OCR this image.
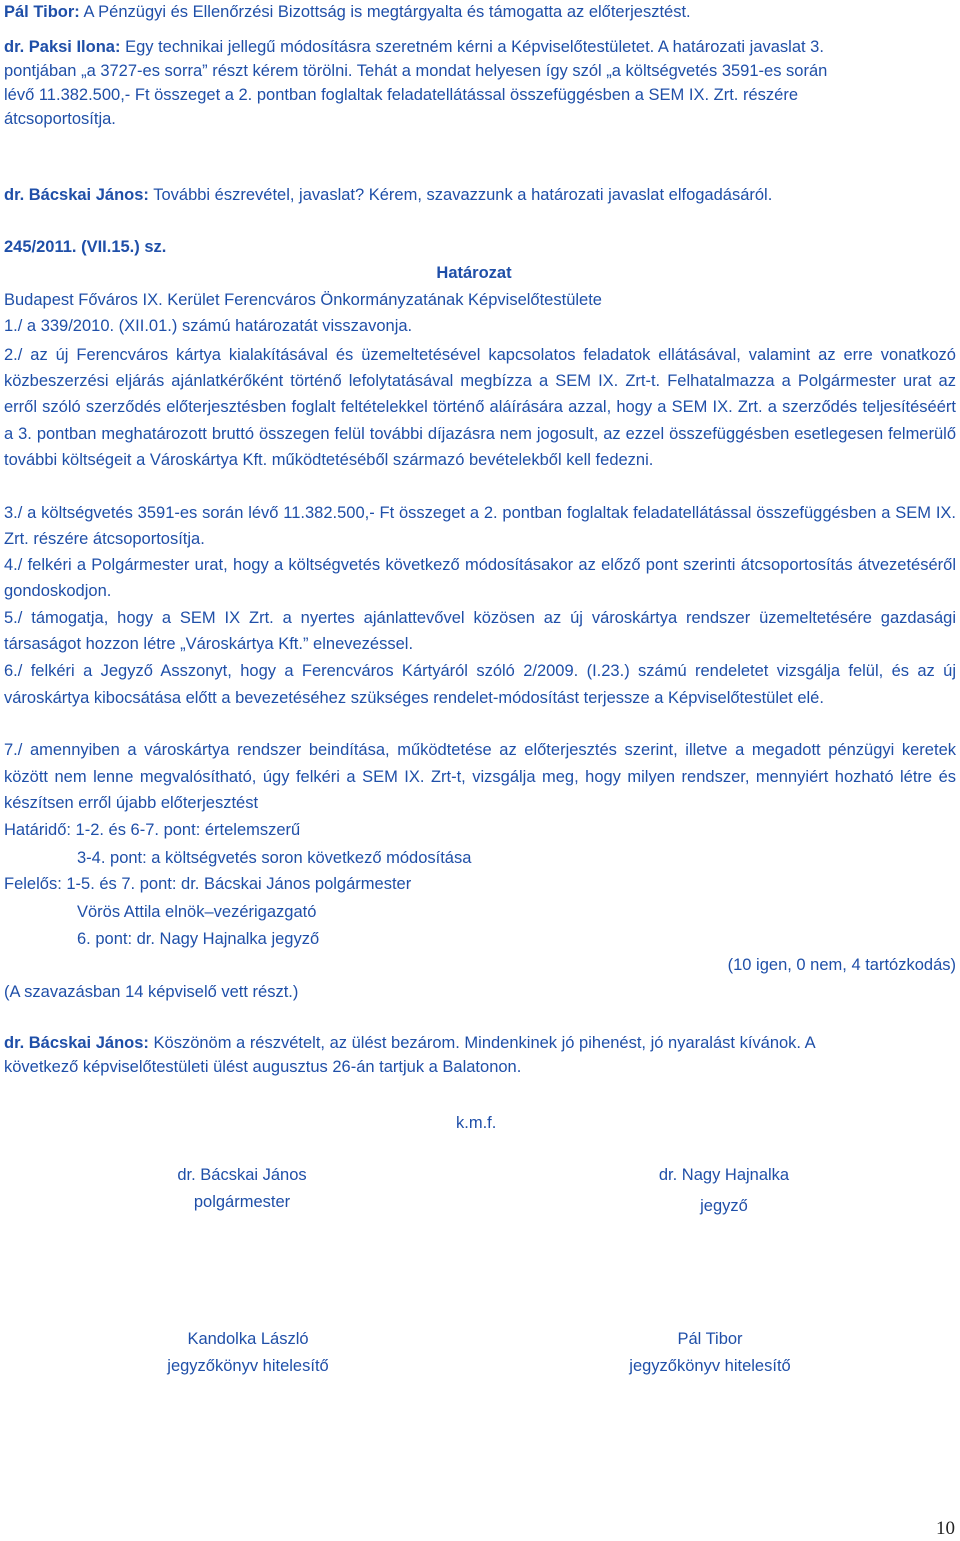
Pál Tibor: A Pénzügyi és Ellenőrzési Bizottság is megtárgyalta és támogatta az előterjesztést.
dr. Paksi Ilona: Egy technikai jellegű módosításra szeretném kérni a Képviselőtestületet. A határozati javaslat 3.
pontjában „a 3727-es sorra” részt kérem törölni. Tehát a mondat helyesen így szól „a költségvetés 3591-es során
lévő 11.382.500,- Ft összeget a 2. pontban foglaltak feladatellátással összefüggésben a SEM IX. Zrt. részére
átcsoportosítja.
dr. Bácskai János: További észrevétel, javaslat? Kérem, szavazzunk a határozati javaslat elfogadásáról.
245/2011. (VII.15.) sz.
Határozat
Budapest Főváros IX. Kerület Ferencváros Önkormányzatának Képviselőtestülete
1./ a 339/2010. (XII.01.) számú határozatát visszavonja.
2./ az új Ferencváros kártya kialakításával és üzemeltetésével kapcsolatos feladatok ellátásával, valamint az erre vonatkozó közbeszerzési eljárás ajánlatkérőként történő lefolytatásával megbízza a SEM IX. Zrt-t. Felhatalmazza a Polgármester urat az erről szóló szerződés előterjesztésben foglalt feltételekkel történő aláírására azzal, hogy a SEM IX. Zrt. a szerződés teljesítéséért a 3. pontban meghatározott bruttó összegen felül további díjazásra nem jogosult, az ezzel összefüggésben esetlegesen felmerülő további költségeit a Városkártya Kft. működtetéséből származó bevételekből kell fedezni.
3./ a költségvetés 3591-es során lévő 11.382.500,- Ft összeget a 2. pontban foglaltak feladatellátással összefüggésben a SEM IX. Zrt. részére átcsoportosítja.
4./ felkéri a Polgármester urat, hogy a költségvetés következő módosításakor az előző pont szerinti átcsoportosítás átvezetéséről gondoskodjon.
5./ támogatja, hogy a SEM IX Zrt. a nyertes ajánlattevővel közösen az új városkártya rendszer üzemeltetésére gazdasági társaságot hozzon létre „Városkártya Kft.” elnevezéssel.
6./ felkéri a Jegyző Asszonyt, hogy a Ferencváros Kártyáról szóló 2/2009. (I.23.) számú rendeletet vizsgálja felül, és az új városkártya kibocsátása előtt a bevezetéséhez szükséges rendelet-módosítást terjessze a Képviselőtestület elé.
7./ amennyiben a városkártya rendszer beindítása, működtetése az előterjesztés szerint, illetve a megadott pénzügyi keretek között nem lenne megvalósítható, úgy felkéri a SEM IX. Zrt-t, vizsgálja meg, hogy milyen rendszer, mennyiért hozható létre és készítsen erről újabb előterjesztést
Határidő: 1-2. és 6-7. pont: értelemszerű
3-4. pont: a költségvetés soron következő módosítása
Felelős: 1-5. és 7. pont: dr. Bácskai János polgármester
Vörös Attila elnök–vezérigazgató
6. pont: dr. Nagy Hajnalka jegyző
(10 igen, 0 nem, 4 tartózkodás)
(A szavazásban 14 képviselő vett részt.)
dr. Bácskai János: Köszönöm a részvételt, az ülést bezárom. Mindenkinek jó pihenést, jó nyaralást kívánok. A
következő képviselőtestületi ülést augusztus 26-án tartjuk a Balatonon.
k.m.f.
dr. Bácskai János
polgármester
dr. Nagy Hajnalka
jegyző
Kandolka László
jegyzőkönyv hitelesítő
Pál Tibor
jegyzőkönyv hitelesítő
10
